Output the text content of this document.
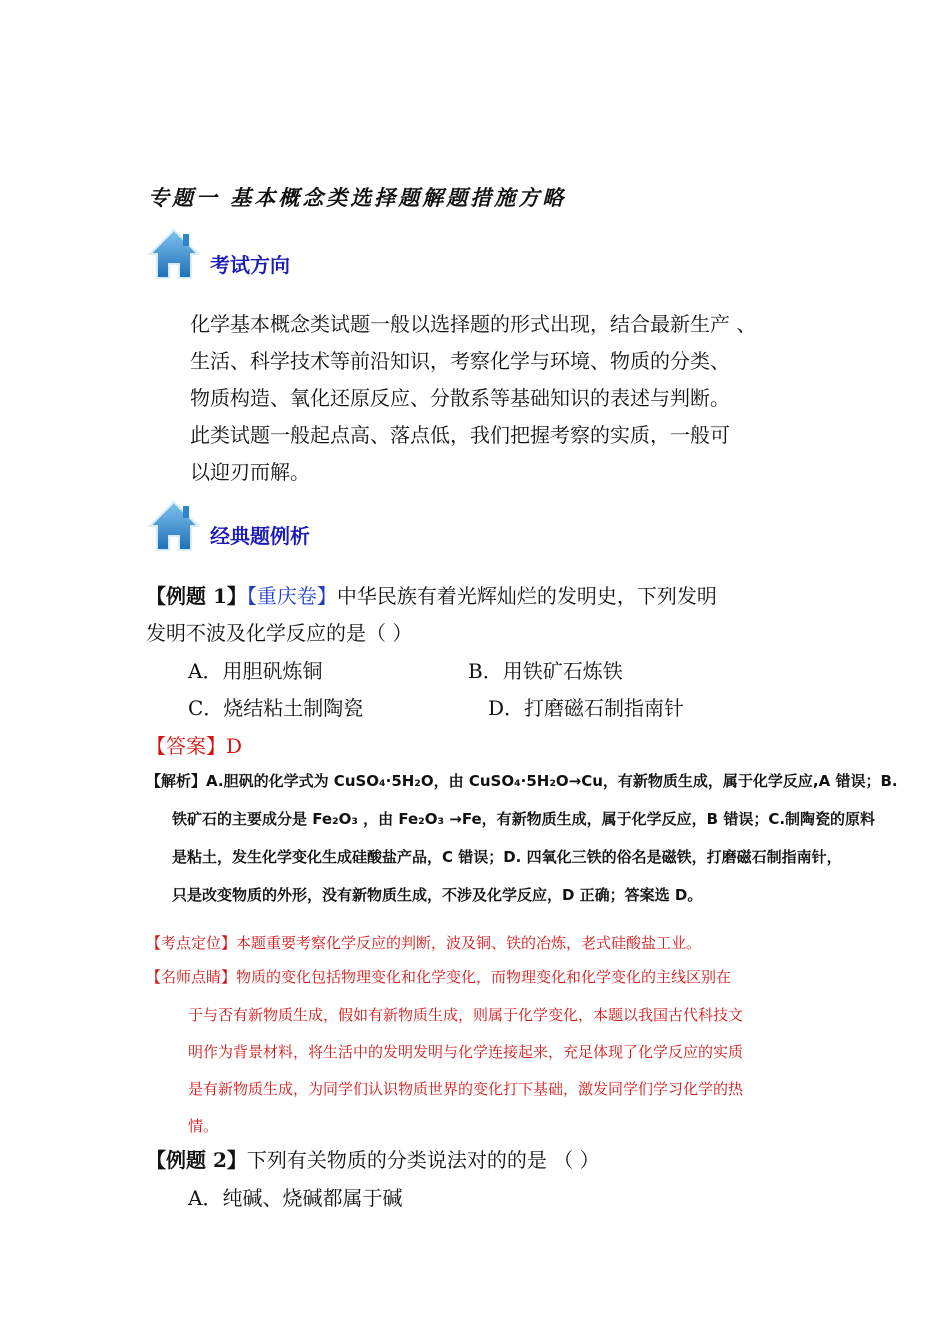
专题一 基本概念类选择题解题措施方略
考试方向
化学基本概念类试题一般以选择题的形式出现，结合最新生产 、
生活、科学技术等前沿知识，考察化学与环境、物质的分类、
物质构造、氧化还原反应、分散系等基础知识的表述与判断。
此类试题一般起点高、落点低，我们把握考察的实质，一般可
以迎刃而解。
经典题例析
【例题 1】【重庆卷】中华民族有着光辉灿烂的发明史，下列发明
发明不波及化学反应的是（ ）
A．用胆矾炼铜	B．用铁矿石炼铁
C．烧结粘土制陶瓷	D．打磨磁石制指南针
【答案】D
【解析】A.胆矾的化学式为 CuSO₄·5H₂O，由 CuSO₄·5H₂O→Cu，有新物质生成，属于化学反应,A 错误；B.
铁矿石的主要成分是 Fe₂O₃ ，由 Fe₂O₃ →Fe，有新物质生成，属于化学反应，B 错误；C.制陶瓷的原料
是粘土，发生化学变化生成硅酸盐产品，C 错误；D. 四氧化三铁的俗名是磁铁，打磨磁石制指南针，
只是改变物质的外形，没有新物质生成，不涉及化学反应，D 正确；答案选 D。
【考点定位】本题重要考察化学反应的判断，波及铜、铁的冶炼，老式硅酸盐工业。
【名师点睛】物质的变化包括物理变化和化学变化，而物理变化和化学变化的主线区别在
于与否有新物质生成，假如有新物质生成，则属于化学变化，本题以我国古代科技文
明作为背景材料，将生活中的发明发明与化学连接起来，充足体现了化学反应的实质
是有新物质生成，为同学们认识物质世界的变化打下基础，激发同学们学习化学的热
情。
【例题 2】下列有关物质的分类说法对的的是 （ ）
A．纯碱、烧碱都属于碱
